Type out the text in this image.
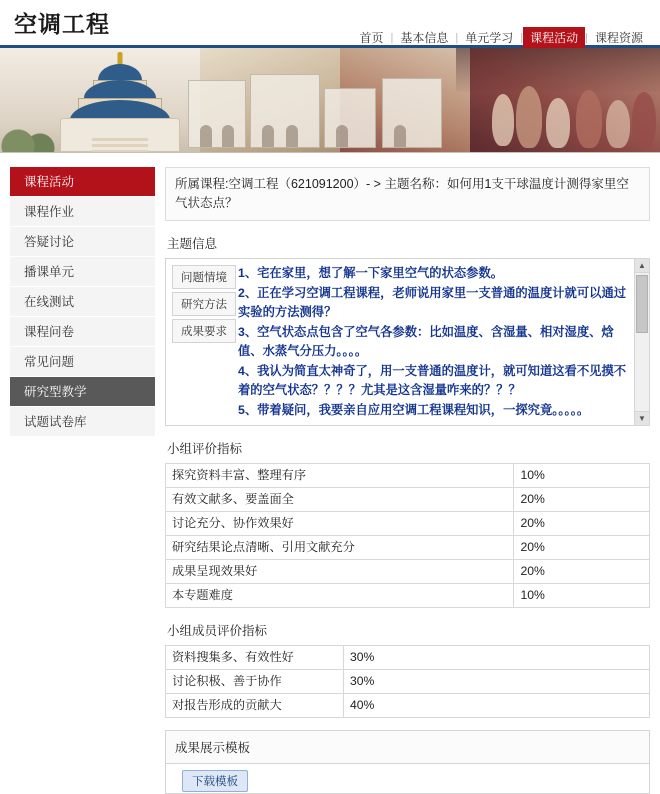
空调工程
首页 | 基本信息 | 单元学习 | 课程活动 | 课程资源
课程活动
课程作业
答疑讨论
播课单元
在线测试
课程问卷
常见问题
研究型教学
试题试卷库
所属课程:空调工程（621091200）- > 主题名称：如何用1支干球温度计测得家里空气状态点？
主题信息
问题情境
研究方法
成果要求

1、宅在家里，想了解一下家里空气的状态参数。

2、正在学习空调工程课程，老师说用家里一支普通的温度计就可以通过实验的方法测得？

3、空气状态点包含了空气各参数：比如温度、含湿量、相对湿度、焓值、水蒸气分压力。。。。

4、我认为简直太神奇了，用一支普通的温度计，就可知道这看不见摸不着的空气状态？？？？尤其是这含湿量咋来的？？？

5、带着疑问，我要亲自应用空调工程课程知识，一探究竟。。。。。

▲
▼
小组评价指标
探究资料丰富、整理有序	10%
有效文献多、要盖面全	20%
讨论充分、协作效果好	20%
研究结果论点清晰、引用文献充分	20%
成果呈现效果好	20%
本专题难度	10%
小组成员评价指标
资料搜集多、有效性好	30%
讨论积极、善于协作	30%
对报告形成的贡献大	40%
成果展示模板
下载模板
